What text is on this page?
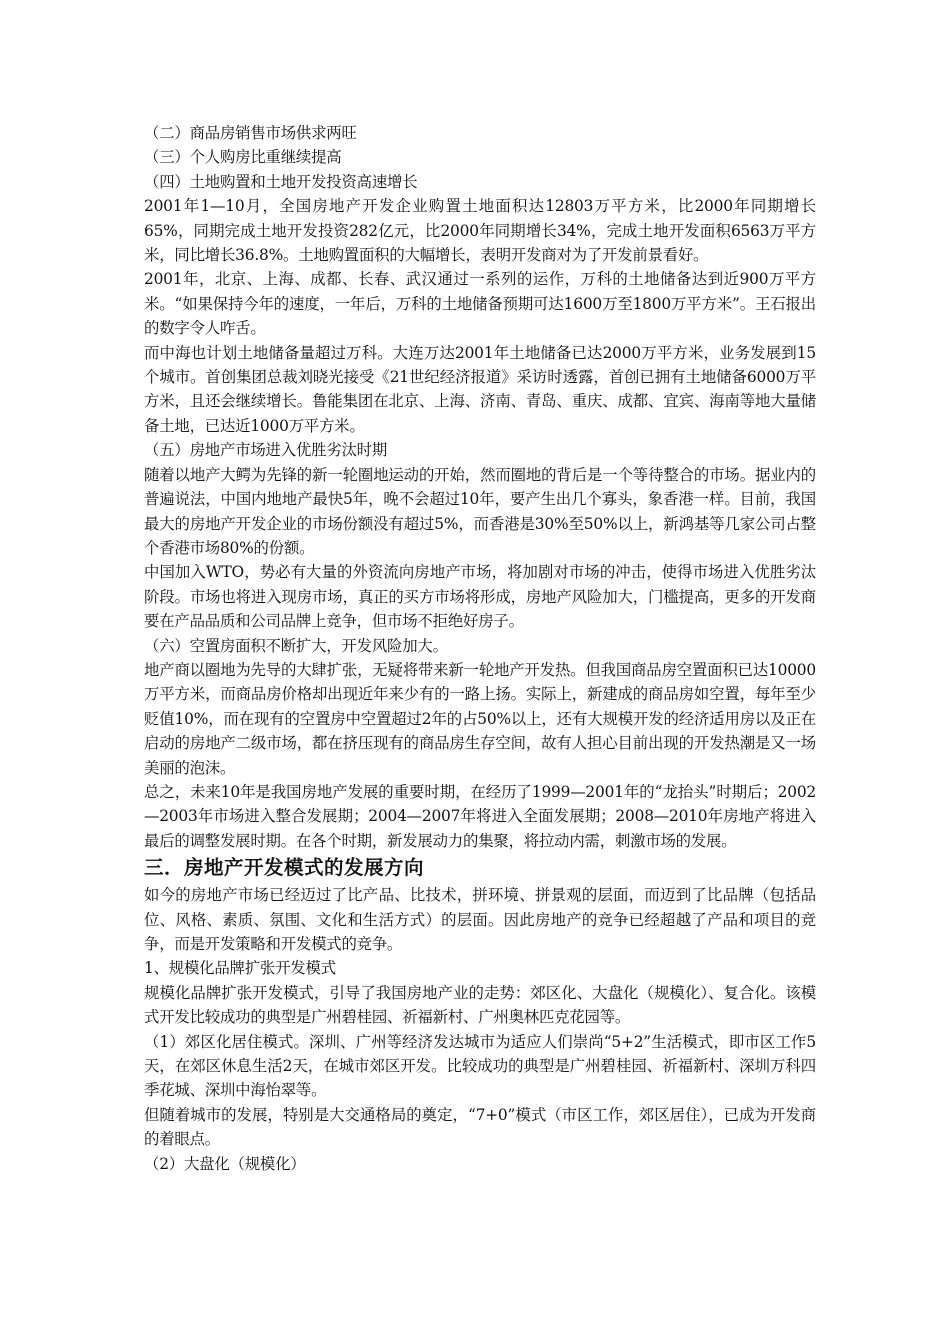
（二）商品房销售市场供求两旺

（三）个人购房比重继续提高

（四）土地购置和土地开发投资高速增长

2001年1—10月，全国房地产开发企业购置土地面积达12803万平方米，比2000年同期增长65%，同期完成土地开发投资282亿元，比2000年同期增长34%，完成土地开发面积6563万平方米，同比增长36.8%。土地购置面积的大幅增长，表明开发商对为了开发前景看好。

2001年，北京、上海、成都、长春、武汉通过一系列的运作，万科的土地储备达到近900万平方米。“如果保持今年的速度，一年后，万科的土地储备预期可达1600万至1800万平方米”。王石报出的数字令人咋舌。

而中海也计划土地储备量超过万科。大连万达2001年土地储备已达2000万平方米，业务发展到15个城市。首创集团总裁刘晓光接受《21世纪经济报道》采访时透露，首创已拥有土地储备6000万平方米，且还会继续增长。鲁能集团在北京、上海、济南、青岛、重庆、成都、宜宾、海南等地大量储备土地，已达近1000万平方米。

（五）房地产市场进入优胜劣汰时期

随着以地产大鳄为先锋的新一轮圈地运动的开始，然而圈地的背后是一个等待整合的市场。据业内的普遍说法，中国内地地产最快5年，晚不会超过10年，要产生出几个寡头，象香港一样。目前，我国最大的房地产开发企业的市场份额没有超过5%，而香港是30%至50%以上，新鸿基等几家公司占整个香港市场80%的份额。

中国加入WTO，势必有大量的外资流向房地产市场，将加剧对市场的冲击，使得市场进入优胜劣汰阶段。市场也将进入现房市场，真正的买方市场将形成，房地产风险加大，门槛提高，更多的开发商要在产品品质和公司品牌上竞争，但市场不拒绝好房子。

（六）空置房面积不断扩大，开发风险加大。

地产商以圈地为先导的大肆扩张，无疑将带来新一轮地产开发热。但我国商品房空置面积已达10000万平方米，而商品房价格却出现近年来少有的一路上扬。实际上，新建成的商品房如空置，每年至少贬值10%，而在现有的空置房中空置超过2年的占50%以上，还有大规模开发的经济适用房以及正在启动的房地产二级市场，都在挤压现有的商品房生存空间，故有人担心目前出现的开发热潮是又一场美丽的泡沫。

总之，未来10年是我国房地产发展的重要时期，在经历了1999—2001年的“龙抬头”时期后；2002—2003年市场进入整合发展期；2004—2007年将进入全面发展期；2008—2010年房地产将进入最后的调整发展时期。在各个时期，新发展动力的集聚，将拉动内需，刺激市场的发展。

三．房地产开发模式的发展方向

如今的房地产市场已经迈过了比产品、比技术，拼环境、拼景观的层面，而迈到了比品牌（包括品位、风格、素质、氛围、文化和生活方式）的层面。因此房地产的竞争已经超越了产品和项目的竞争，而是开发策略和开发模式的竞争。

1、规模化品牌扩张开发模式

规模化品牌扩张开发模式，引导了我国房地产业的走势：郊区化、大盘化（规模化）、复合化。该模式开发比较成功的典型是广州碧桂园、祈福新村、广州奥林匹克花园等。

（1）郊区化居住模式。深圳、广州等经济发达城市为适应人们崇尚“5+2”生活模式，即市区工作5天，在郊区休息生活2天，在城市郊区开发。比较成功的典型是广州碧桂园、祈福新村、深圳万科四季花城、深圳中海怡翠等。

但随着城市的发展，特别是大交通格局的奠定，“7+0”模式（市区工作，郊区居住），已成为开发商的着眼点。

（2）大盘化（规模化）
